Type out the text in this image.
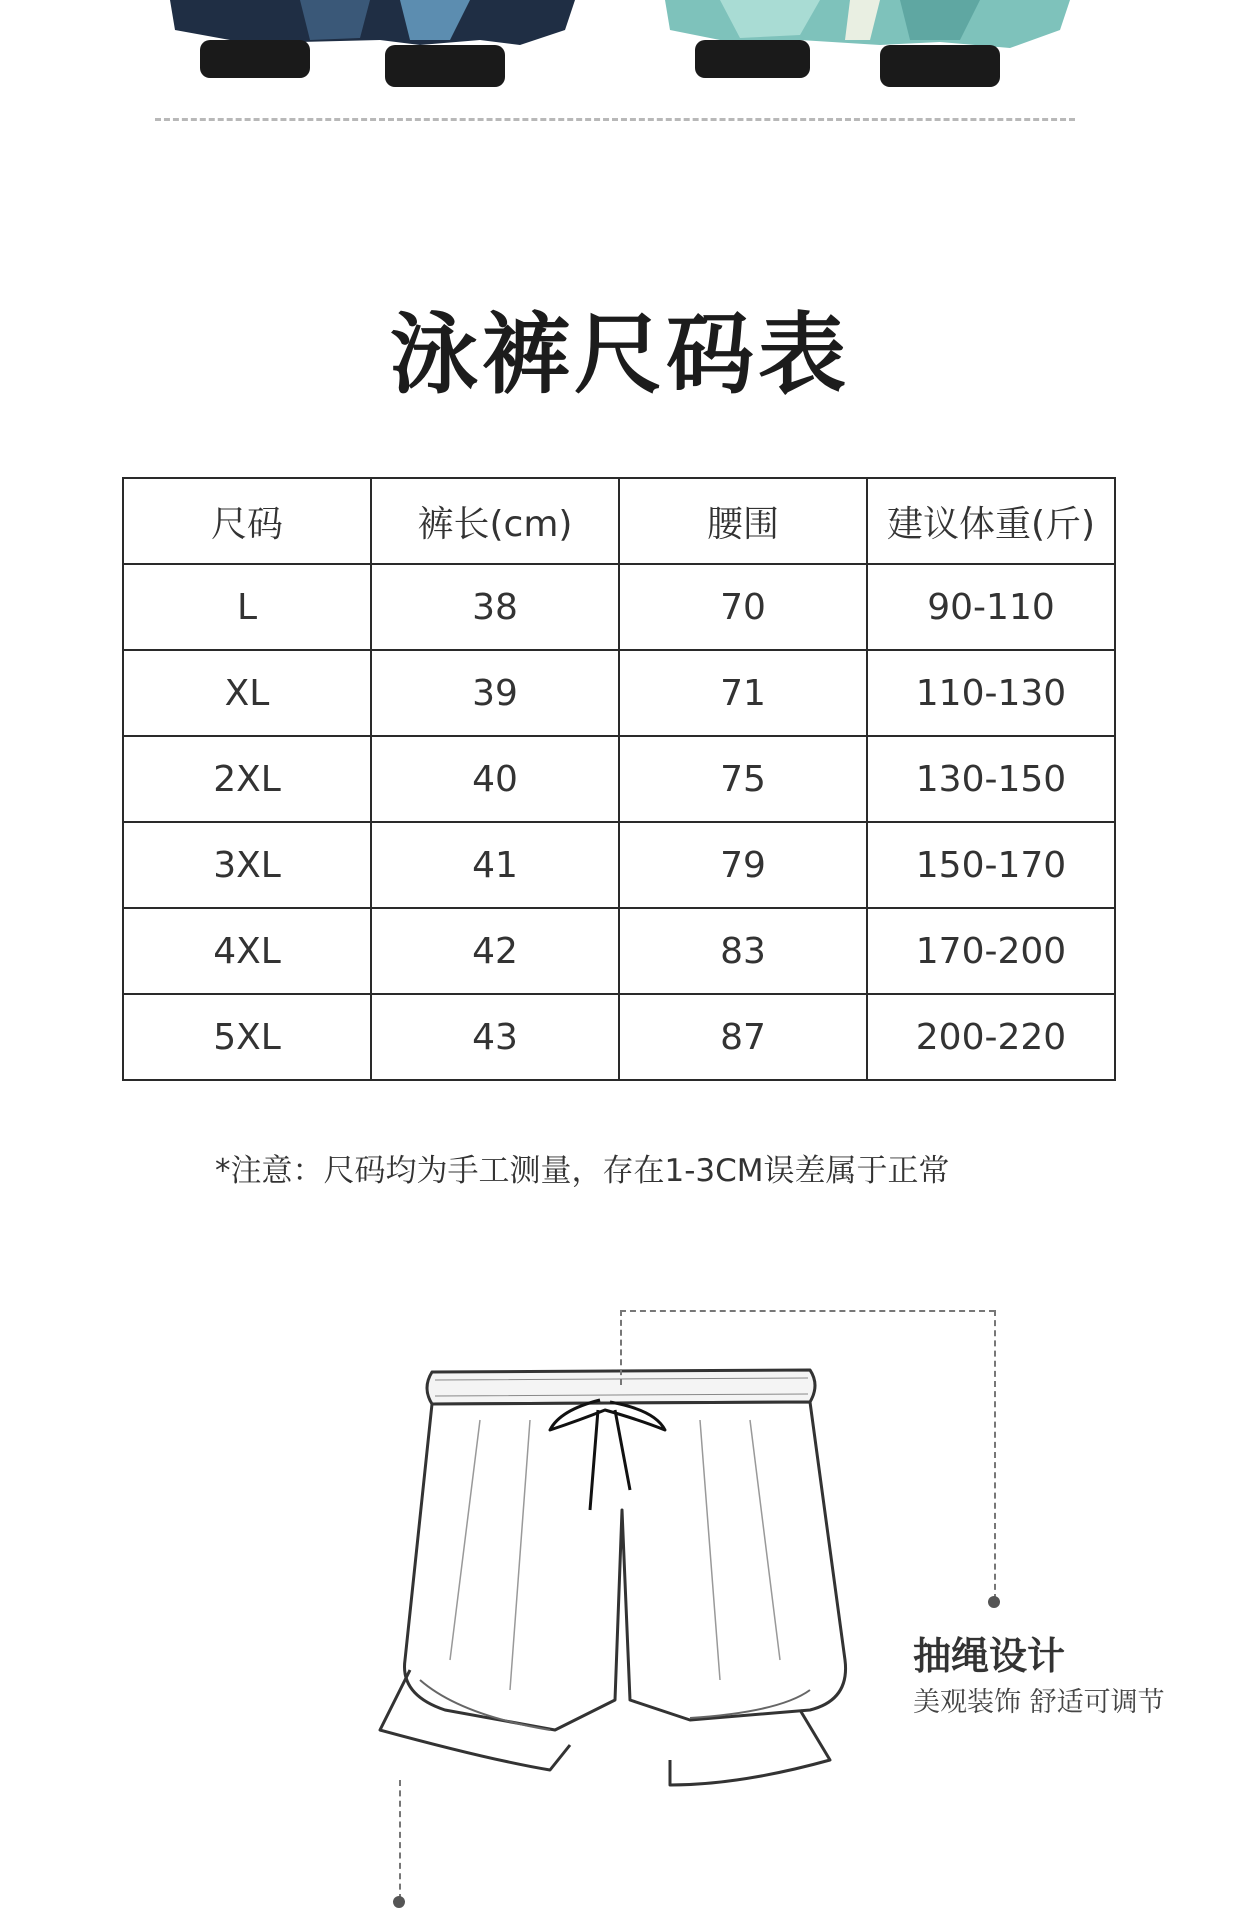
泳裤尺码表
尺码	裤长(cm)	腰围	建议体重(斤)
L	38	70	90-110
XL	39	71	110-130
2XL	40	75	130-150
3XL	41	79	150-170
4XL	42	83	170-200
5XL	43	87	200-220
*注意：尺码均为手工测量，存在1-3CM误差属于正常
抽绳设计
美观装饰 舒适可调节
